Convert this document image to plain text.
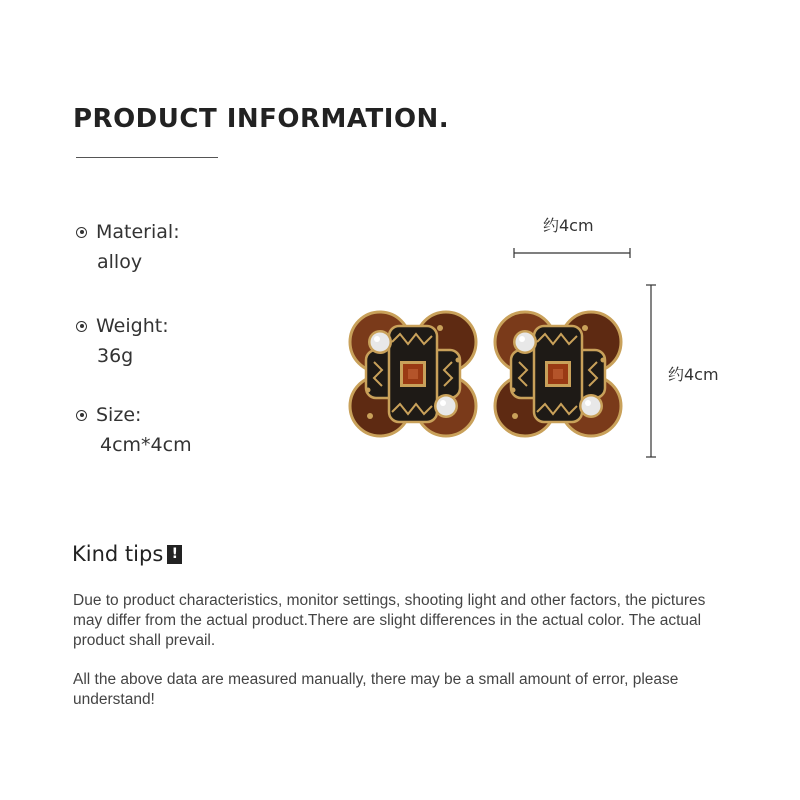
PRODUCT INFORMATION.
Material:
alloy
Weight:
36g
Size:
4cm*4cm
约4cm
约4cm
Kind tips !

Due to product characteristics, monitor settings, shooting light and other factors, the pictures may differ from the actual product.There are slight differences in the actual color. The actual product shall prevail.

All the above data are measured manually, there may be a small amount of error, please understand!
